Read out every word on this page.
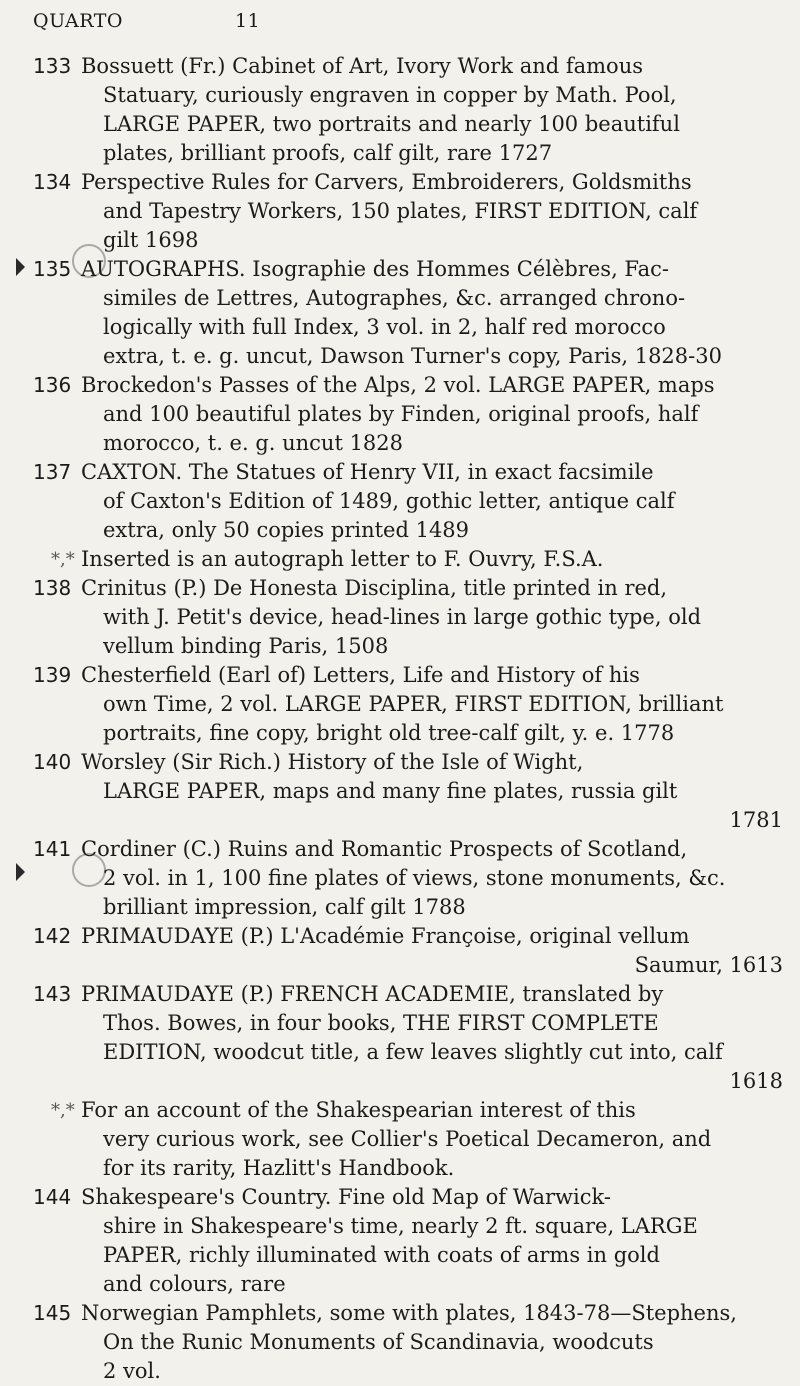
QUARTO	11
133 Bossuett (Fr.) Cabinet of Art, Ivory Work and famous
Statuary, curiously engraven in copper by Math. Pool,
LARGE PAPER, two portraits and nearly 100 beautiful
plates, brilliant proofs, calf gilt, rare 1727
134 Perspective Rules for Carvers, Embroiderers, Goldsmiths
and Tapestry Workers, 150 plates, FIRST EDITION, calf
gilt 1698
135 AUTOGRAPHS. Isographie des Hommes Célèbres, Fac-
similes de Lettres, Autographes, &c. arranged chrono-
logically with full Index, 3 vol. in 2, half red morocco
extra, t. e. g. uncut, Dawson Turner's copy, Paris, 1828-30
136 Brockedon's Passes of the Alps, 2 vol. LARGE PAPER, maps
and 100 beautiful plates by Finden, original proofs, half
morocco, t. e. g. uncut 1828
137 CAXTON. The Statues of Henry VII, in exact facsimile
of Caxton's Edition of 1489, gothic letter, antique calf
extra, only 50 copies printed 1489
*,* Inserted is an autograph letter to F. Ouvry, F.S.A.
138 Crinitus (P.) De Honesta Disciplina, title printed in red,
with J. Petit's device, head-lines in large gothic type, old
vellum binding Paris, 1508
139 Chesterfield (Earl of) Letters, Life and History of his
own Time, 2 vol. LARGE PAPER, FIRST EDITION, brilliant
portraits, fine copy, bright old tree-calf gilt, y. e. 1778
140 Worsley (Sir Rich.) History of the Isle of Wight,
LARGE PAPER, maps and many fine plates, russia gilt
1781
141 Cordiner (C.) Ruins and Romantic Prospects of Scotland,
2 vol. in 1, 100 fine plates of views, stone monuments, &c.
brilliant impression, calf gilt 1788
142 PRIMAUDAYE (P.) L'Académie Françoise, original vellum
Saumur, 1613
143 PRIMAUDAYE (P.) FRENCH ACADEMIE, translated by
Thos. Bowes, in four books, THE FIRST COMPLETE
EDITION, woodcut title, a few leaves slightly cut into, calf
1618
*,* For an account of the Shakespearian interest of this
very curious work, see Collier's Poetical Decameron, and
for its rarity, Hazlitt's Handbook.
144 Shakespeare's Country. Fine old Map of Warwick-
shire in Shakespeare's time, nearly 2 ft. square, LARGE
PAPER, richly illuminated with coats of arms in gold
and colours, rare
145 Norwegian Pamphlets, some with plates, 1843-78—Stephens,
On the Runic Monuments of Scandinavia, woodcuts
2 vol.
